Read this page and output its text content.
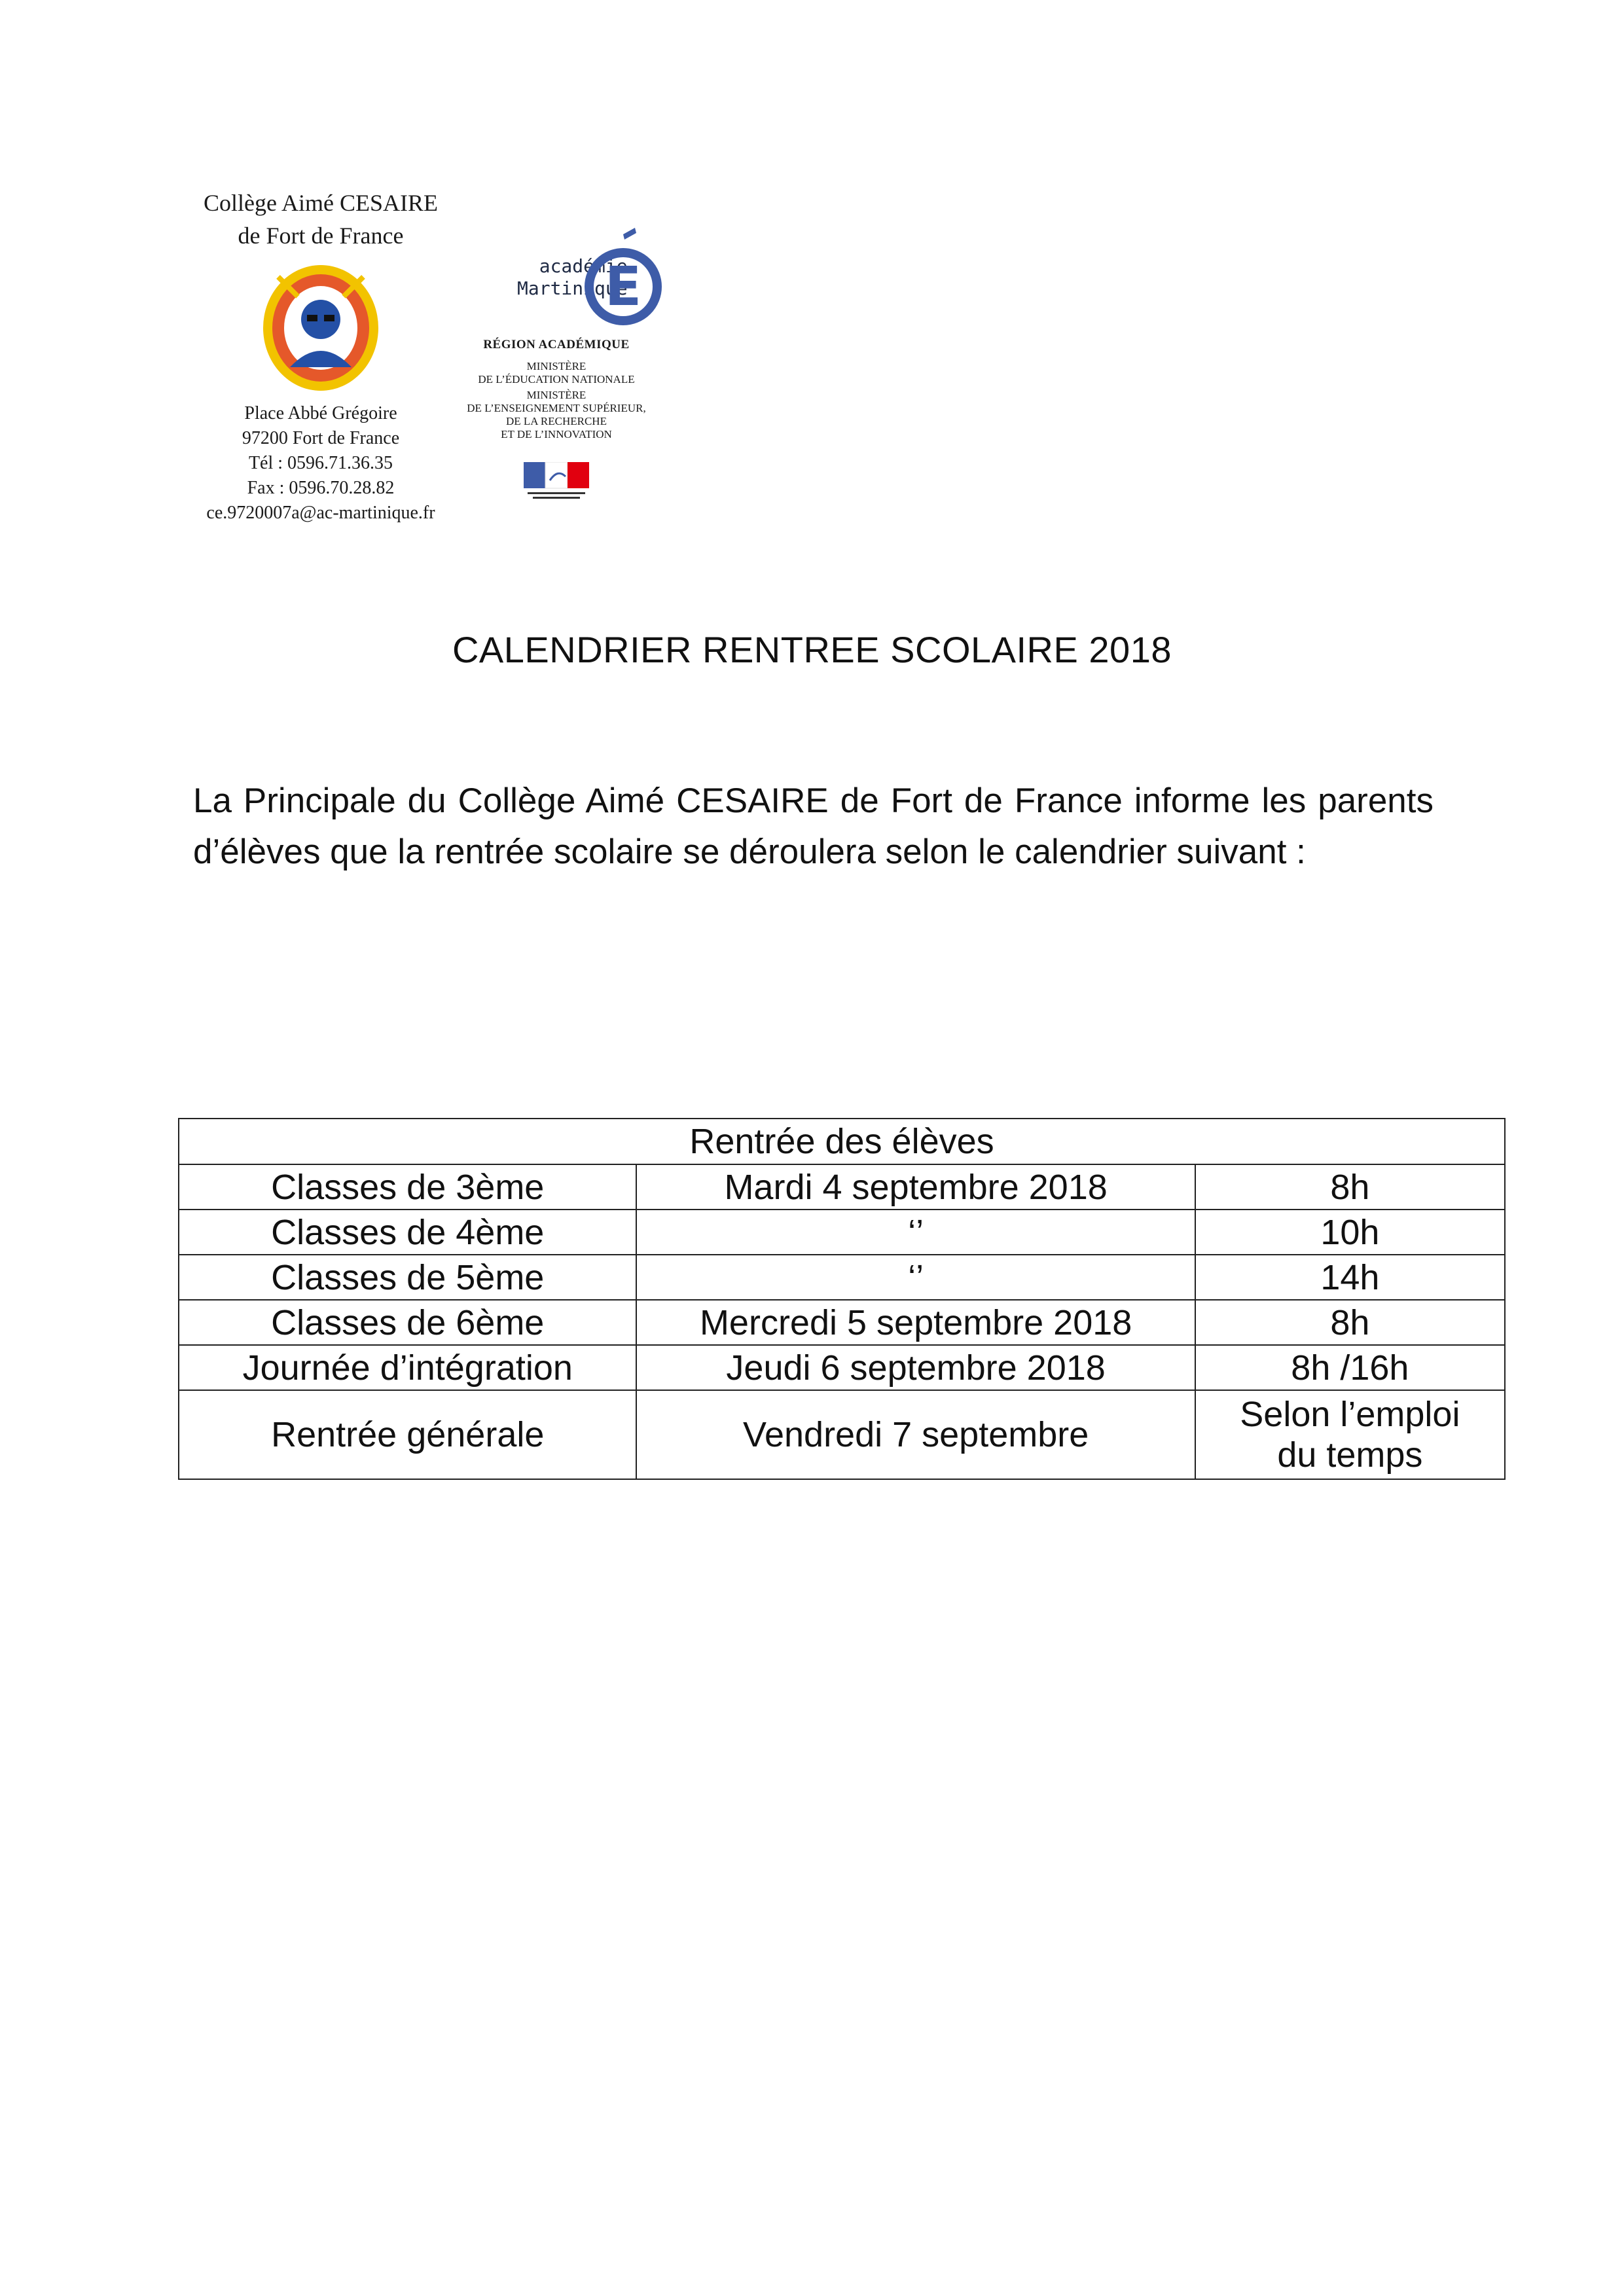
Collège Aimé CESAIRE
de Fort de France
Place Abbé Grégoire
97200 Fort de France
Tél : 0596.71.36.35
Fax : 0596.70.28.82
ce.9720007a@ac-martinique.fr
académie
Martinique
E
RÉGION ACADÉMIQUE
MINISTÈRE
DE L’ÉDUCATION NATIONALE
MINISTÈRE
DE L’ENSEIGNEMENT SUPÉRIEUR,
DE LA RECHERCHE
ET DE L’INNOVATION
CALENDRIER RENTREE SCOLAIRE 2018
La Principale du Collège Aimé CESAIRE de Fort de France informe les parents d’élèves que la rentrée scolaire se déroulera selon le calendrier suivant :
Rentrée des élèves		
Classes de 3ème	Mardi 4 septembre 2018	8h
Classes de 4ème	‘’	10h
Classes de 5ème	‘’	14h
Classes de 6ème	Mercredi 5 septembre 2018	8h
Journée d’intégration	Jeudi 6 septembre 2018	8h /16h
Rentrée générale	Vendredi 7 septembre	Selon l’emploi
du temps
